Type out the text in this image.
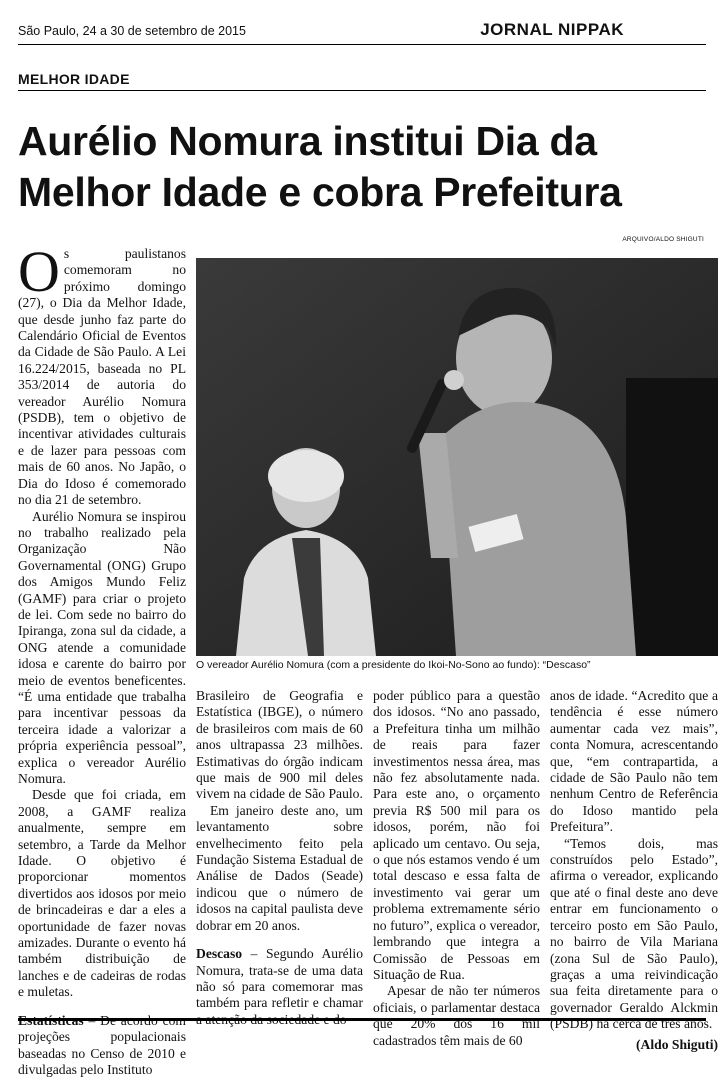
São Paulo, 24 a 30 de setembro de 2015	JORNAL NIPPAK
MELHOR IDADE
Aurélio Nomura institui Dia da Melhor Idade e cobra Prefeitura
ARQUIVO/ALDO SHIGUTI
O vereador Aurélio Nomura (com a presidente do Ikoi-No-Sono ao fundo): “Descaso”

Os paulistanos comemoram no próximo domingo (27), o Dia da Melhor Idade, que desde junho faz parte do Calendário Oficial de Eventos da Cidade de São Paulo. A Lei 16.224/2015, baseada no PL 353/2014 de autoria do vereador Aurélio Nomura (PSDB), tem o objetivo de incentivar atividades culturais e de lazer para pessoas com mais de 60 anos. No Japão, o Dia do Idoso é comemorado no dia 21 de setembro.

Aurélio Nomura se inspirou no trabalho realizado pela Organização Não Governamental (ONG) Grupo dos Amigos Mundo Feliz (GAMF) para criar o projeto de lei. Com sede no bairro do Ipiranga, zona sul da cidade, a ONG atende a comunidade idosa e carente do bairro por meio de eventos beneficentes. “É uma entidade que trabalha para incentivar pessoas da terceira idade a valorizar a própria experiência pessoal”, explica o vereador Aurélio Nomura.

Desde que foi criada, em 2008, a GAMF realiza anualmente, sempre em setembro, a Tarde da Melhor Idade. O objetivo é proporcionar momentos divertidos aos idosos por meio de brincadeiras e dar a eles a oportunidade de fazer novas amizades. Durante o evento há também distribuição de lanches e de cadeiras de rodas e muletas.

Estatísticas – De acordo com projeções populacionais baseadas no Censo de 2010 e divulgadas pelo Instituto

Brasileiro de Geografia e Estatística (IBGE), o número de brasileiros com mais de 60 anos ultrapassa 23 milhões. Estimativas do órgão indicam que mais de 900 mil deles vivem na cidade de São Paulo.

Em janeiro deste ano, um levantamento sobre envelhecimento feito pela Fundação Sistema Estadual de Análise de Dados (Seade) indicou que o número de idosos na capital paulista deve dobrar em 20 anos.

Descaso – Segundo Aurélio Nomura, trata-se de uma data não só para comemorar mas também para refletir e chamar a atenção da sociedade e do

poder público para a questão dos idosos. “No ano passado, a Prefeitura tinha um milhão de reais para fazer investimentos nessa área, mas não fez absolutamente nada. Para este ano, o orçamento previa R$ 500 mil para os idosos, porém, não foi aplicado um centavo. Ou seja, o que nós estamos vendo é um total descaso e essa falta de investimento vai gerar um problema extremamente sério no futuro”, explica o vereador, lembrando que integra a Comissão de Pessoas em Situação de Rua.

Apesar de não ter números oficiais, o parlamentar destaca que 20% dos 16 mil cadastrados têm mais de 60

anos de idade. “Acredito que a tendência é esse número aumentar cada vez mais”, conta Nomura, acrescentando que, “em contrapartida, a cidade de São Paulo não tem nenhum Centro de Referência do Idoso mantido pela Prefeitura”.

“Temos dois, mas construídos pelo Estado”, afirma o vereador, explicando que até o final deste ano deve entrar em funcionamento o terceiro posto em São Paulo, no bairro de Vila Mariana (zona Sul de São Paulo), graças a uma reivindicação sua feita diretamente para o governador Geraldo Alckmin (PSDB) há cerca de três anos.

(Aldo Shiguti)
